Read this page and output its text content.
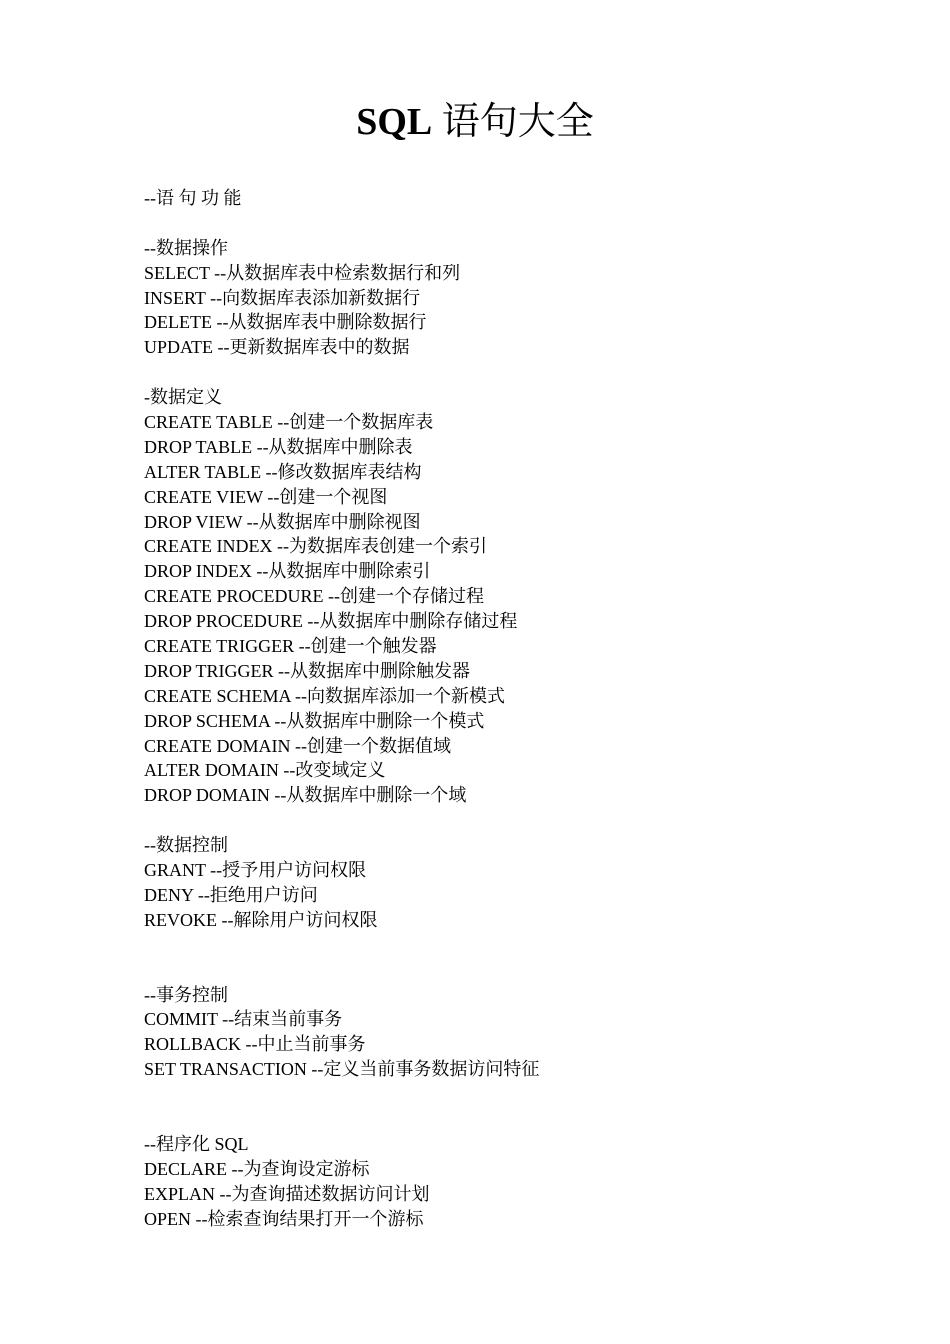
SQL 语句大全
--语 句 功 能
--数据操作
SELECT --从数据库表中检索数据行和列
INSERT --向数据库表添加新数据行
DELETE --从数据库表中删除数据行
UPDATE --更新数据库表中的数据
-数据定义
CREATE TABLE --创建一个数据库表
DROP TABLE --从数据库中删除表
ALTER TABLE --修改数据库表结构
CREATE VIEW --创建一个视图
DROP VIEW --从数据库中删除视图
CREATE INDEX --为数据库表创建一个索引
DROP INDEX --从数据库中删除索引
CREATE PROCEDURE --创建一个存储过程
DROP PROCEDURE --从数据库中删除存储过程
CREATE TRIGGER --创建一个触发器
DROP TRIGGER --从数据库中删除触发器
CREATE SCHEMA --向数据库添加一个新模式
DROP SCHEMA --从数据库中删除一个模式
CREATE DOMAIN --创建一个数据值域
ALTER DOMAIN --改变域定义
DROP DOMAIN --从数据库中删除一个域
--数据控制
GRANT --授予用户访问权限
DENY --拒绝用户访问
REVOKE --解除用户访问权限
--事务控制
COMMIT --结束当前事务
ROLLBACK --中止当前事务
SET TRANSACTION --定义当前事务数据访问特征
--程序化 SQL
DECLARE --为查询设定游标
EXPLAN --为查询描述数据访问计划
OPEN --检索查询结果打开一个游标
